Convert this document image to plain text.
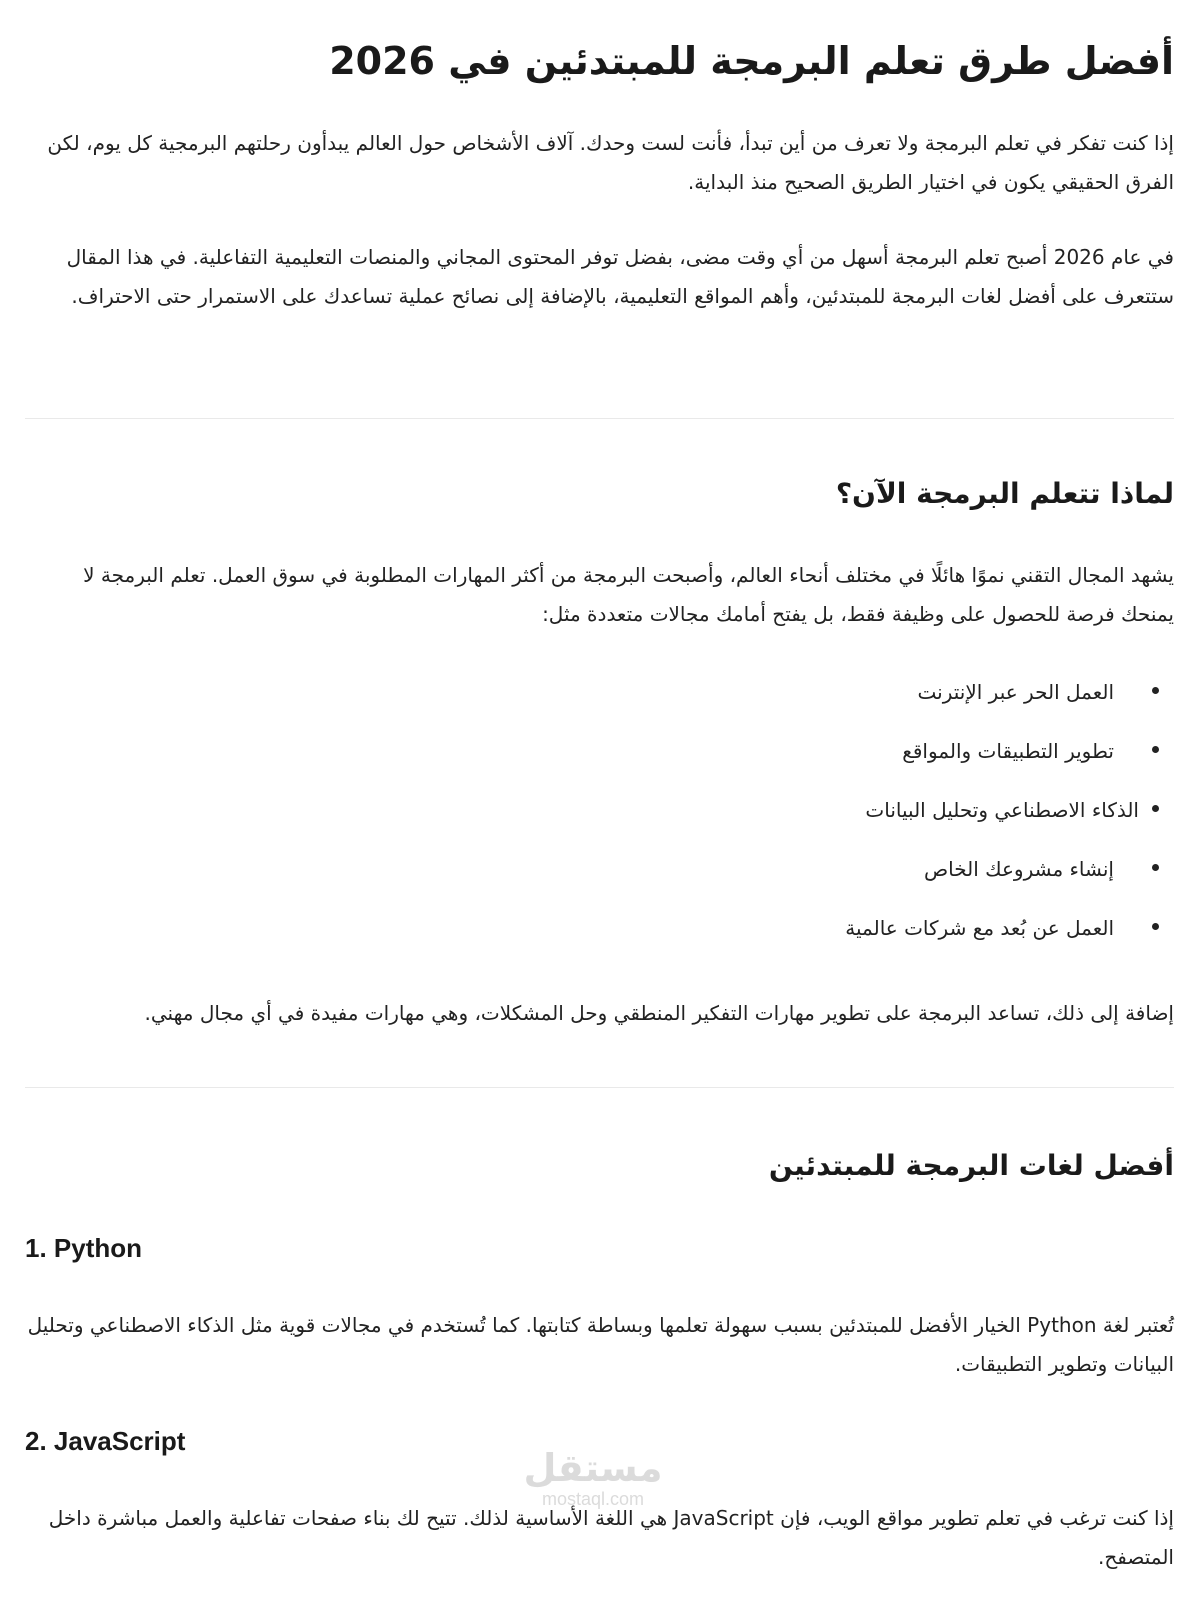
أفضل طرق تعلم البرمجة للمبتدئين في 2026

إذا كنت تفكر في تعلم البرمجة ولا تعرف من أين تبدأ، فأنت لست وحدك. آلاف الأشخاص حول العالم يبدأون رحلتهم البرمجية كل يوم، لكن الفرق الحقيقي يكون في اختيار الطريق الصحيح منذ البداية.

في عام 2026 أصبح تعلم البرمجة أسهل من أي وقت مضى، بفضل توفر المحتوى المجاني والمنصات التعليمية التفاعلية. في هذا المقال ستتعرف على أفضل لغات البرمجة للمبتدئين، وأهم المواقع التعليمية، بالإضافة إلى نصائح عملية تساعدك على الاستمرار حتى الاحتراف.

لماذا تتعلم البرمجة الآن؟

يشهد المجال التقني نموًا هائلًا في مختلف أنحاء العالم، وأصبحت البرمجة من أكثر المهارات المطلوبة في سوق العمل. تعلم البرمجة لا يمنحك فرصة للحصول على وظيفة فقط، بل يفتح أمامك مجالات متعددة مثل:

العمل الحر عبر الإنترنت
تطوير التطبيقات والمواقع
الذكاء الاصطناعي وتحليل البيانات
إنشاء مشروعك الخاص
العمل عن بُعد مع شركات عالمية

إضافة إلى ذلك، تساعد البرمجة على تطوير مهارات التفكير المنطقي وحل المشكلات، وهي مهارات مفيدة في أي مجال مهني.

أفضل لغات البرمجة للمبتدئين
1. Python

تُعتبر لغة Python الخيار الأفضل للمبتدئين بسبب سهولة تعلمها وبساطة كتابتها. كما تُستخدم في مجالات قوية مثل الذكاء الاصطناعي وتحليل البيانات وتطوير التطبيقات.

2. JavaScript

إذا كنت ترغب في تعلم تطوير مواقع الويب، فإن JavaScript هي اللغة الأساسية لذلك. تتيح لك بناء صفحات تفاعلية والعمل مباشرة داخل المتصفح.

مستقل
mostaql.com
